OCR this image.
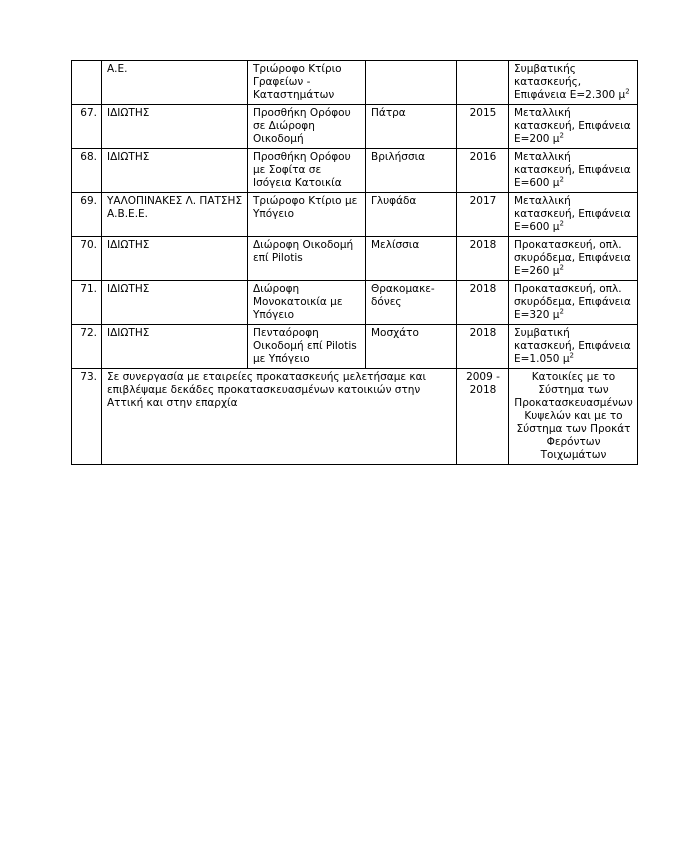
	Α.Ε.	Τριώροφο Κτίριο Γραφείων - Καταστημάτων			Συμβατικής κατασκευής, Επιφάνεια Ε=2.300 $\mu^2$
67.	ΙΔΙΩΤΗΣ	Προσθήκη Ορόφου σε Διώροφη Οικοδομή	Πάτρα	2015	Μεταλλική κατασκευή, Επιφάνεια Ε=200 $\mu^2$
68.	ΙΔΙΩΤΗΣ	Προσθήκη Ορόφου με Σοφίτα σε Ισόγεια Κατοικία	Βριλήσσια	2016	Μεταλλική κατασκευή, Επιφάνεια Ε=600 $\mu^2$
69.	ΥΑΛΟΠΙΝΑΚΕΣ Λ. ΠΑΤΣΗΣ Α.Β.Ε.Ε.	Τριώροφο Κτίριο με Υπόγειο	Γλυφάδα	2017	Μεταλλική κατασκευή, Επιφάνεια Ε=600 $\mu^2$
70.	ΙΔΙΩΤΗΣ	Διώροφη Οικοδομή επί Pilotis	Μελίσσια	2018	Προκατασκευή, οπλ. σκυρόδεμα, Επιφάνεια Ε=260 $\mu^2$
71.	ΙΔΙΩΤΗΣ	Διώροφη Μονοκατοικία με Υπόγειο	Θρακομακε-δόνες	2018	Προκατασκευή, οπλ. σκυρόδεμα, Επιφάνεια Ε=320 $\mu^2$
72.	ΙΔΙΩΤΗΣ	Πενταόροφη Οικοδομή επί Pilotis με Υπόγειο	Μοσχάτο	2018	Συμβατική κατασκευή, Επιφάνεια Ε=1.050 $\mu^2$
73.	Σε συνεργασία με εταιρείες προκατασκευής μελετήσαμε και επιβλέψαμε δεκάδες προκατασκευασμένων κατοικιών στην Αττική και στην επαρχία			2009 - 2018	Κατοικίες με το Σύστημα των Προκατασκευασμένων Κυψελών και με το Σύστημα των Προκάτ Φερόντων Τοιχωμάτων
